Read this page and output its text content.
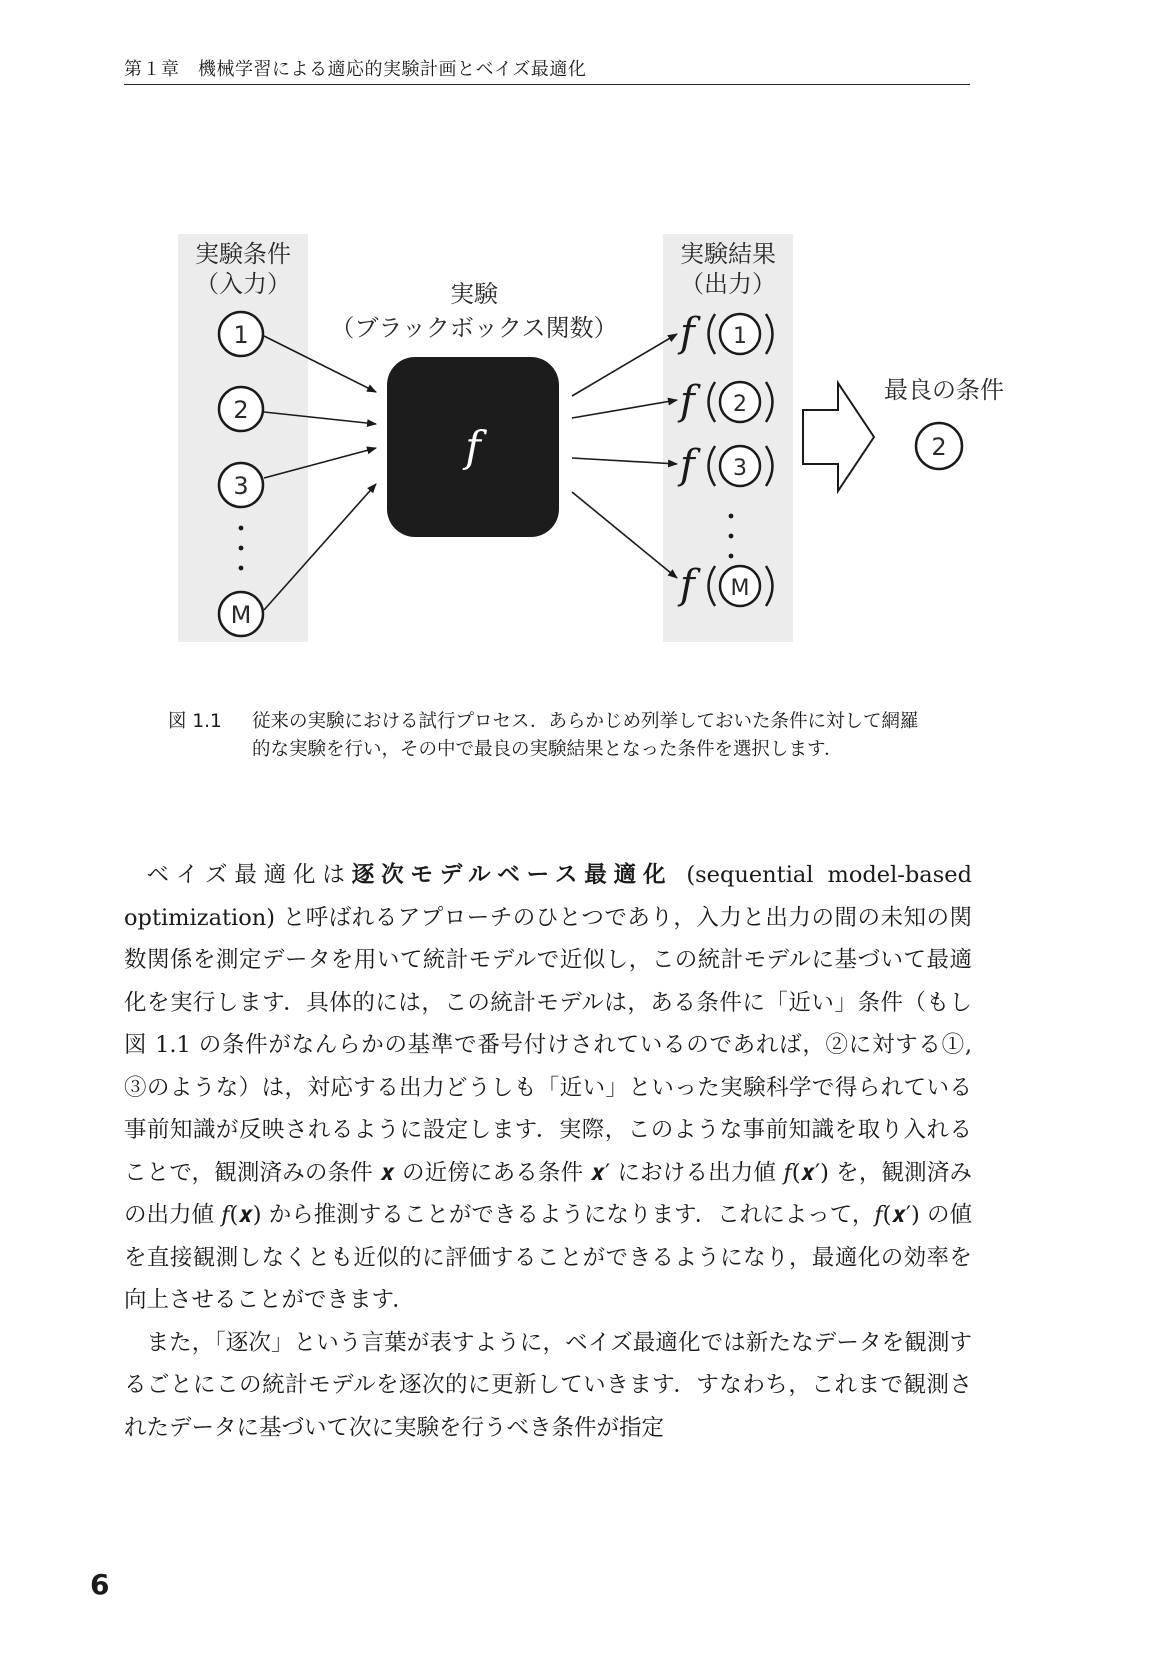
第１章　機械学習による適応的実験計画とベイズ最適化
実験条件
（入力）
1
2
3
M
実験
（ブラックボックス関数）
f
実験結果
（出力）
f 1
f 2
f 3
f M
最良の条件
2
図 1.1	従来の実験における試行プロセス．あらかじめ列挙しておいた条件に対して網羅的な実験を行い，その中で最良の実験結果となった条件を選択します．

ベイズ最適化は逐次モデルベース最適化 (sequential model-based optimization) と呼ばれるアプローチのひとつであり，入力と出力の間の未知の関数関係を測定データを用いて統計モデルで近似し，この統計モデルに基づいて最適化を実行します．具体的には，この統計モデルは，ある条件に「近い」条件（もし図 1.1 の条件がなんらかの基準で番号付けされているのであれば，②に対する①, ③のような）は，対応する出力どうしも「近い」といった実験科学で得られている事前知識が反映されるように設定します．実際，このような事前知識を取り入れることで，観測済みの条件 𝒙 の近傍にある条件 𝒙′ における出力値 𝑓(𝒙′) を，観測済みの出力値 𝑓(𝒙) から推測することができるようになります．これによって，𝑓(𝒙′) の値を直接観測しなくとも近似的に評価することができるようになり，最適化の効率を向上させることができます．

また，「逐次」という言葉が表すように，ベイズ最適化では新たなデータを観測するごとにこの統計モデルを逐次的に更新していきます．すなわち，これまで観測されたデータに基づいて次に実験を行うべき条件が指定

6
